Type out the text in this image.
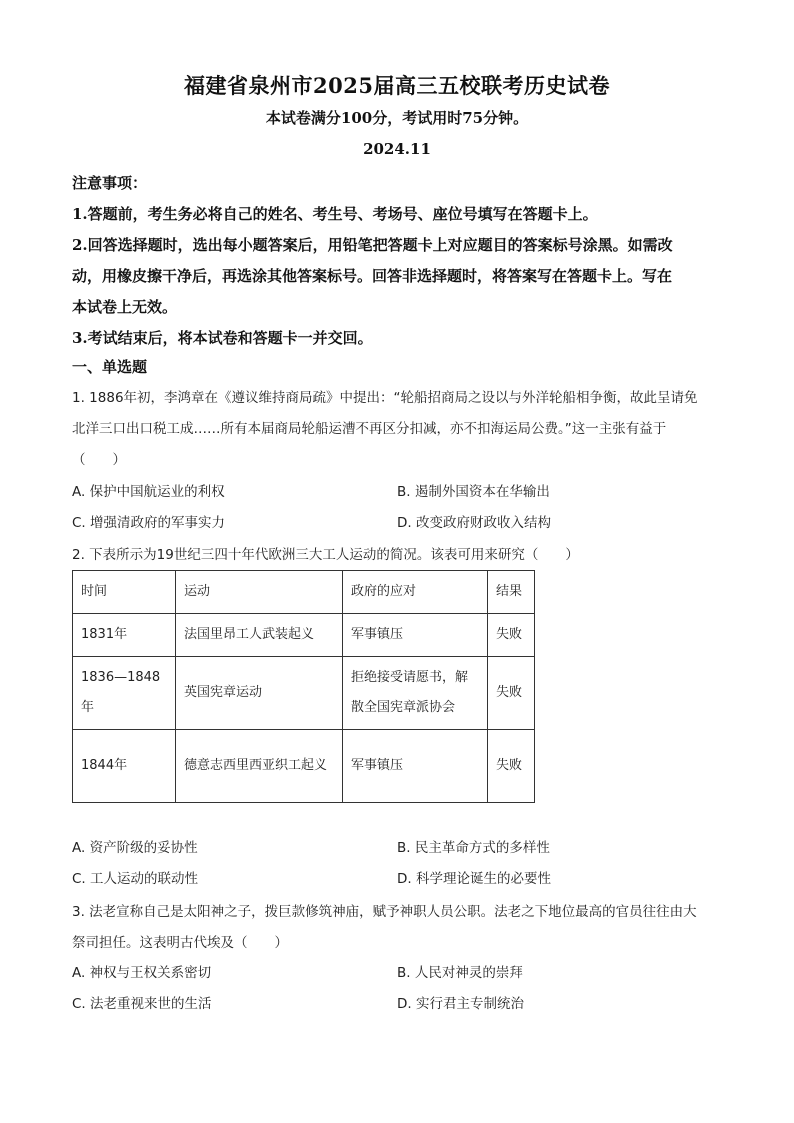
福建省泉州市2025届高三五校联考历史试卷
本试卷满分100分，考试用时75分钟。
2024.11
注意事项：
1.答题前，考生务必将自己的姓名、考生号、考场号、座位号填写在答题卡上。
2.回答选择题时，选出每小题答案后，用铅笔把答题卡上对应题目的答案标号涂黑。如需改
动，用橡皮擦干净后，再选涂其他答案标号。回答非选择题时，将答案写在答题卡上。写在
本试卷上无效。
3.考试结束后，将本试卷和答题卡一并交回。
一、单选题
1. 1886年初，李鸿章在《遵议维持商局疏》中提出：“轮船招商局之设以与外洋轮船相争衡，故此呈请免
北洋三口出口税工成……所有本届商局轮船运漕不再区分扣减，亦不扣海运局公费。”这一主张有益于
（　　）
A. 保护中国航运业的利权	B. 遏制外国资本在华输出
C. 增强清政府的军事实力	D. 改变政府财政收入结构
2. 下表所示为19世纪三四十年代欧洲三大工人运动的简况。该表可用来研究（　　）
时间	运动	政府的应对	结果
1831年	法国里昂工人武装起义	军事镇压	失败
1836—1848年	英国宪章运动	拒绝接受请愿书，解散全国宪章派协会	失败
1844年	德意志西里西亚织工起义	军事镇压	失败
A. 资产阶级的妥协性	B. 民主革命方式的多样性
C. 工人运动的联动性	D. 科学理论诞生的必要性
3. 法老宣称自己是太阳神之子，拨巨款修筑神庙，赋予神职人员公职。法老之下地位最高的官员往往由大
祭司担任。这表明古代埃及（　　）
A. 神权与王权关系密切	B. 人民对神灵的崇拜
C. 法老重视来世的生活	D. 实行君主专制统治
